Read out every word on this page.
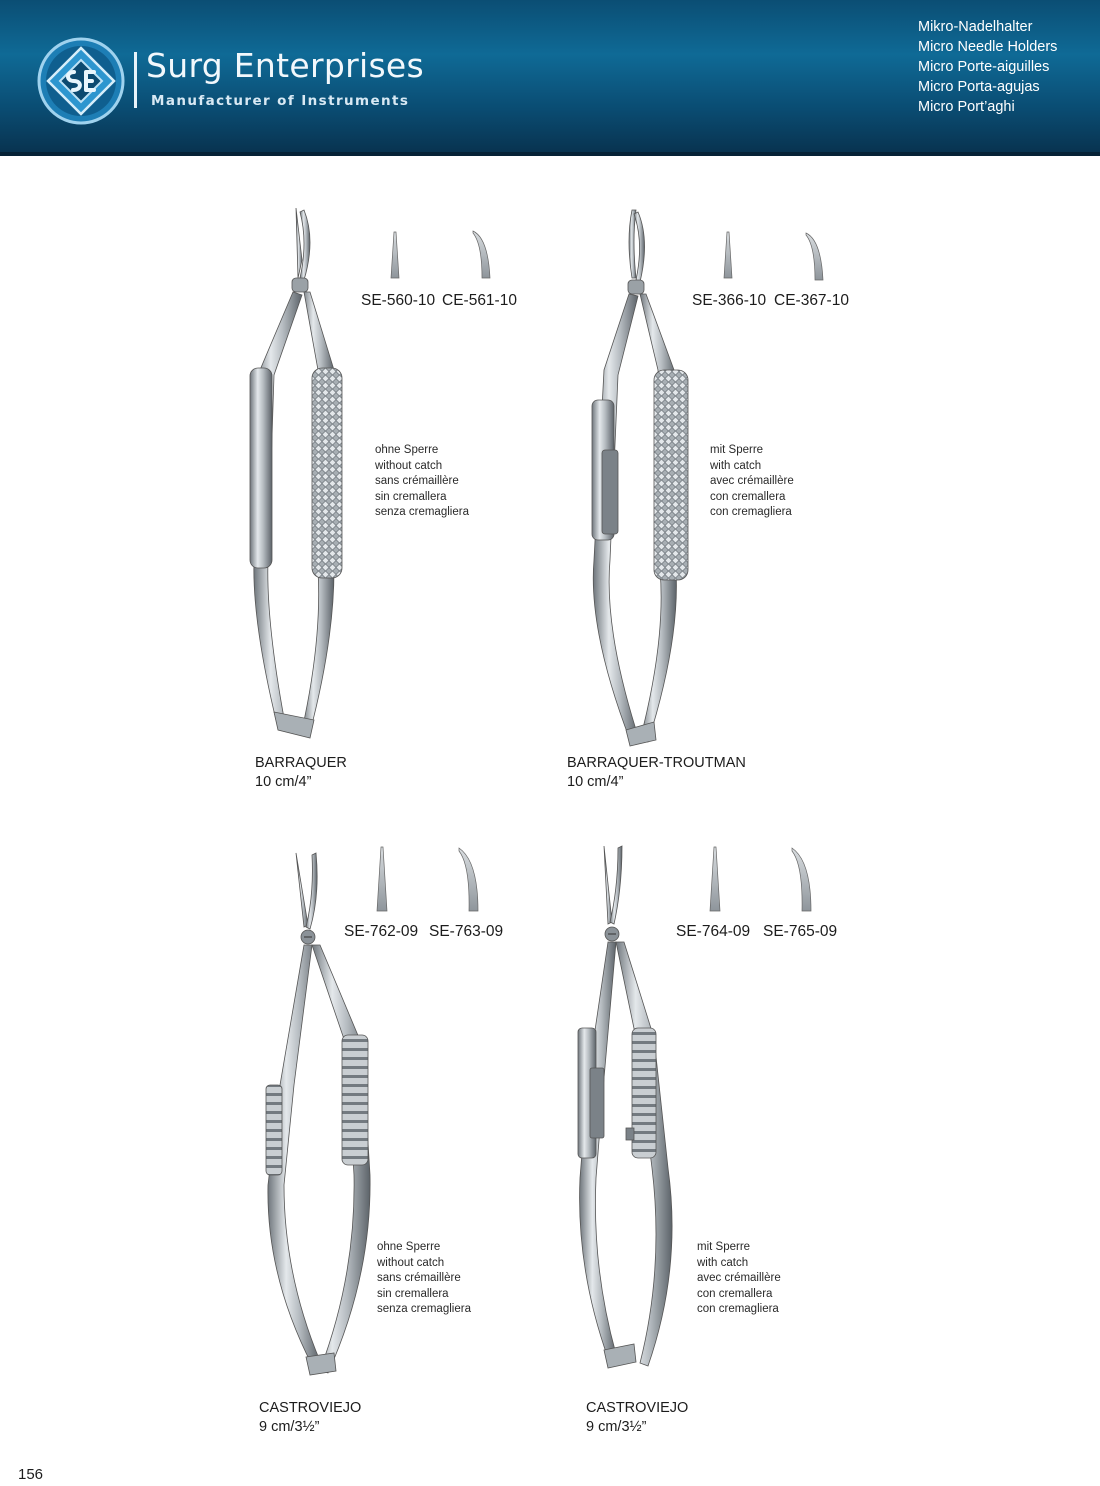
Surg Enterprises
Manufacturer of Instruments
Mikro-Nadelhalter
Micro Needle Holders
Micro Porte-aiguilles
Micro Porta-agujas
Micro Port’aghi
SE-560-10 CE-561-10
ohne Sperre
without catch
sans crémaillère
sin cremallera
senza cremagliera
BARRAQUER
10 cm/4”
SE-366-10 CE-367-10
mit Sperre
with catch
avec crémaillère
con cremallera
con cremagliera
BARRAQUER-TROUTMAN
10 cm/4”
SE-762-09 SE-763-09
ohne Sperre
without catch
sans crémaillère
sin cremallera
senza cremagliera
CASTROVIEJO
9 cm/3½”
SE-764-09 SE-765-09
mit Sperre
with catch
avec crémaillère
con cremallera
con cremagliera
CASTROVIEJO
9 cm/3½”
156
